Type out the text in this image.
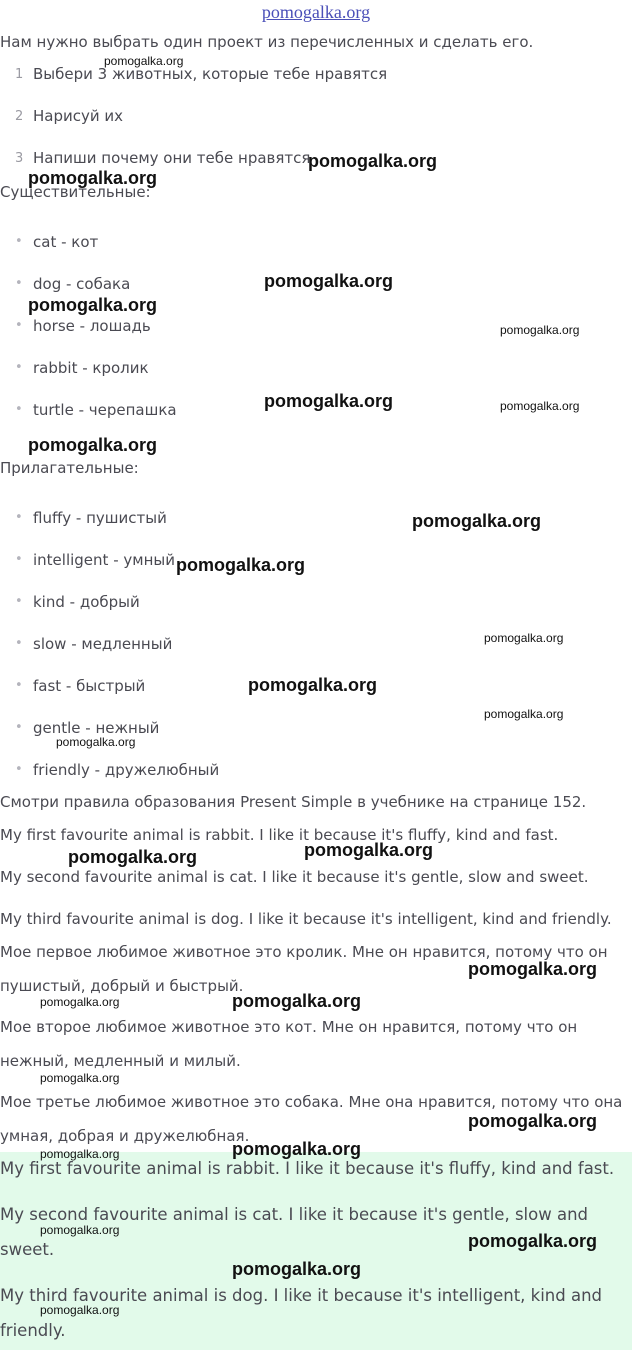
pomogalka.org
Нам нужно выбрать один проект из перечисленных и сделать его.
1 Выбери 3 животных, которые тебе нравятся
2 Нарисуй их
3 Напиши почему они тебе нравятся
Существительные:
• cat - кот
• dog - собака
• horse - лошадь
• rabbit - кролик
• turtle - черепашка
Прилагательные:
• fluffy - пушистый
• intelligent - умный
• kind - добрый
• slow - медленный
• fast - быстрый
• gentle - нежный
• friendly - дружелюбный
Смотри правила образования Present Simple в учебнике на странице 152.
My first favourite animal is rabbit. I like it because it's fluffy, kind and fast.
My second favourite animal is cat. I like it because it's gentle, slow and sweet.
My third favourite animal is dog. I like it because it's intelligent, kind and friendly.
Мое первое любимое животное это кролик. Мне он нравится, потому что он
пушистый, добрый и быстрый.
Мое второе любимое животное это кот. Мне он нравится, потому что он
нежный, медленный и милый.
Мое третье любимое животное это собака. Мне она нравится, потому что она
умная, добрая и дружелюбная.
My first favourite animal is rabbit. I like it because it's fluffy, kind and fast.
My second favourite animal is cat. I like it because it's gentle, slow and
sweet.
My third favourite animal is dog. I like it because it's intelligent, kind and
friendly.
pomogalka.org
pomogalka.org
pomogalka.org
pomogalka.org
pomogalka.org
pomogalka.org
pomogalka.org	pomogalka.org
pomogalka.org
pomogalka.org
pomogalka.org
pomogalka.org
pomogalka.org
pomogalka.org
pomogalka.org
pomogalka.org
pomogalka.org
pomogalka.org
pomogalka.org	pomogalka.org
pomogalka.org
pomogalka.org
pomogalka.org
pomogalka.org
pomogalka.org
pomogalka.org
pomogalka.org
pomogalka.org
